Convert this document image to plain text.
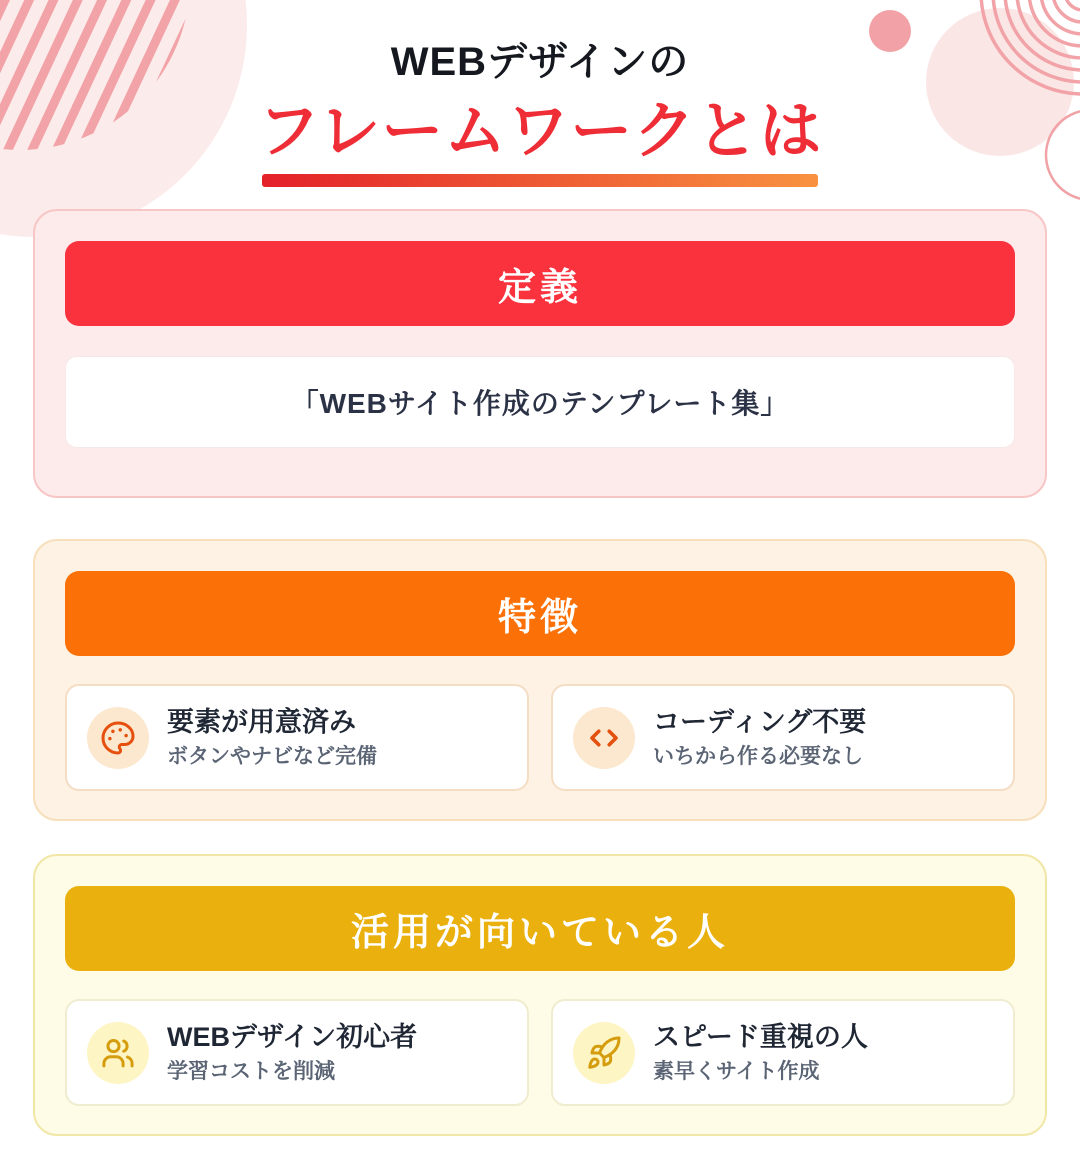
WEBデザインの
フレームワークとは
定義
「WEBサイト作成のテンプレート集」
特徴
要素が用意済み
ボタンやナビなど完備
コーディング不要
いちから作る必要なし
活用が向いている人
WEBデザイン初心者
学習コストを削減
スピード重視の人
素早くサイト作成
